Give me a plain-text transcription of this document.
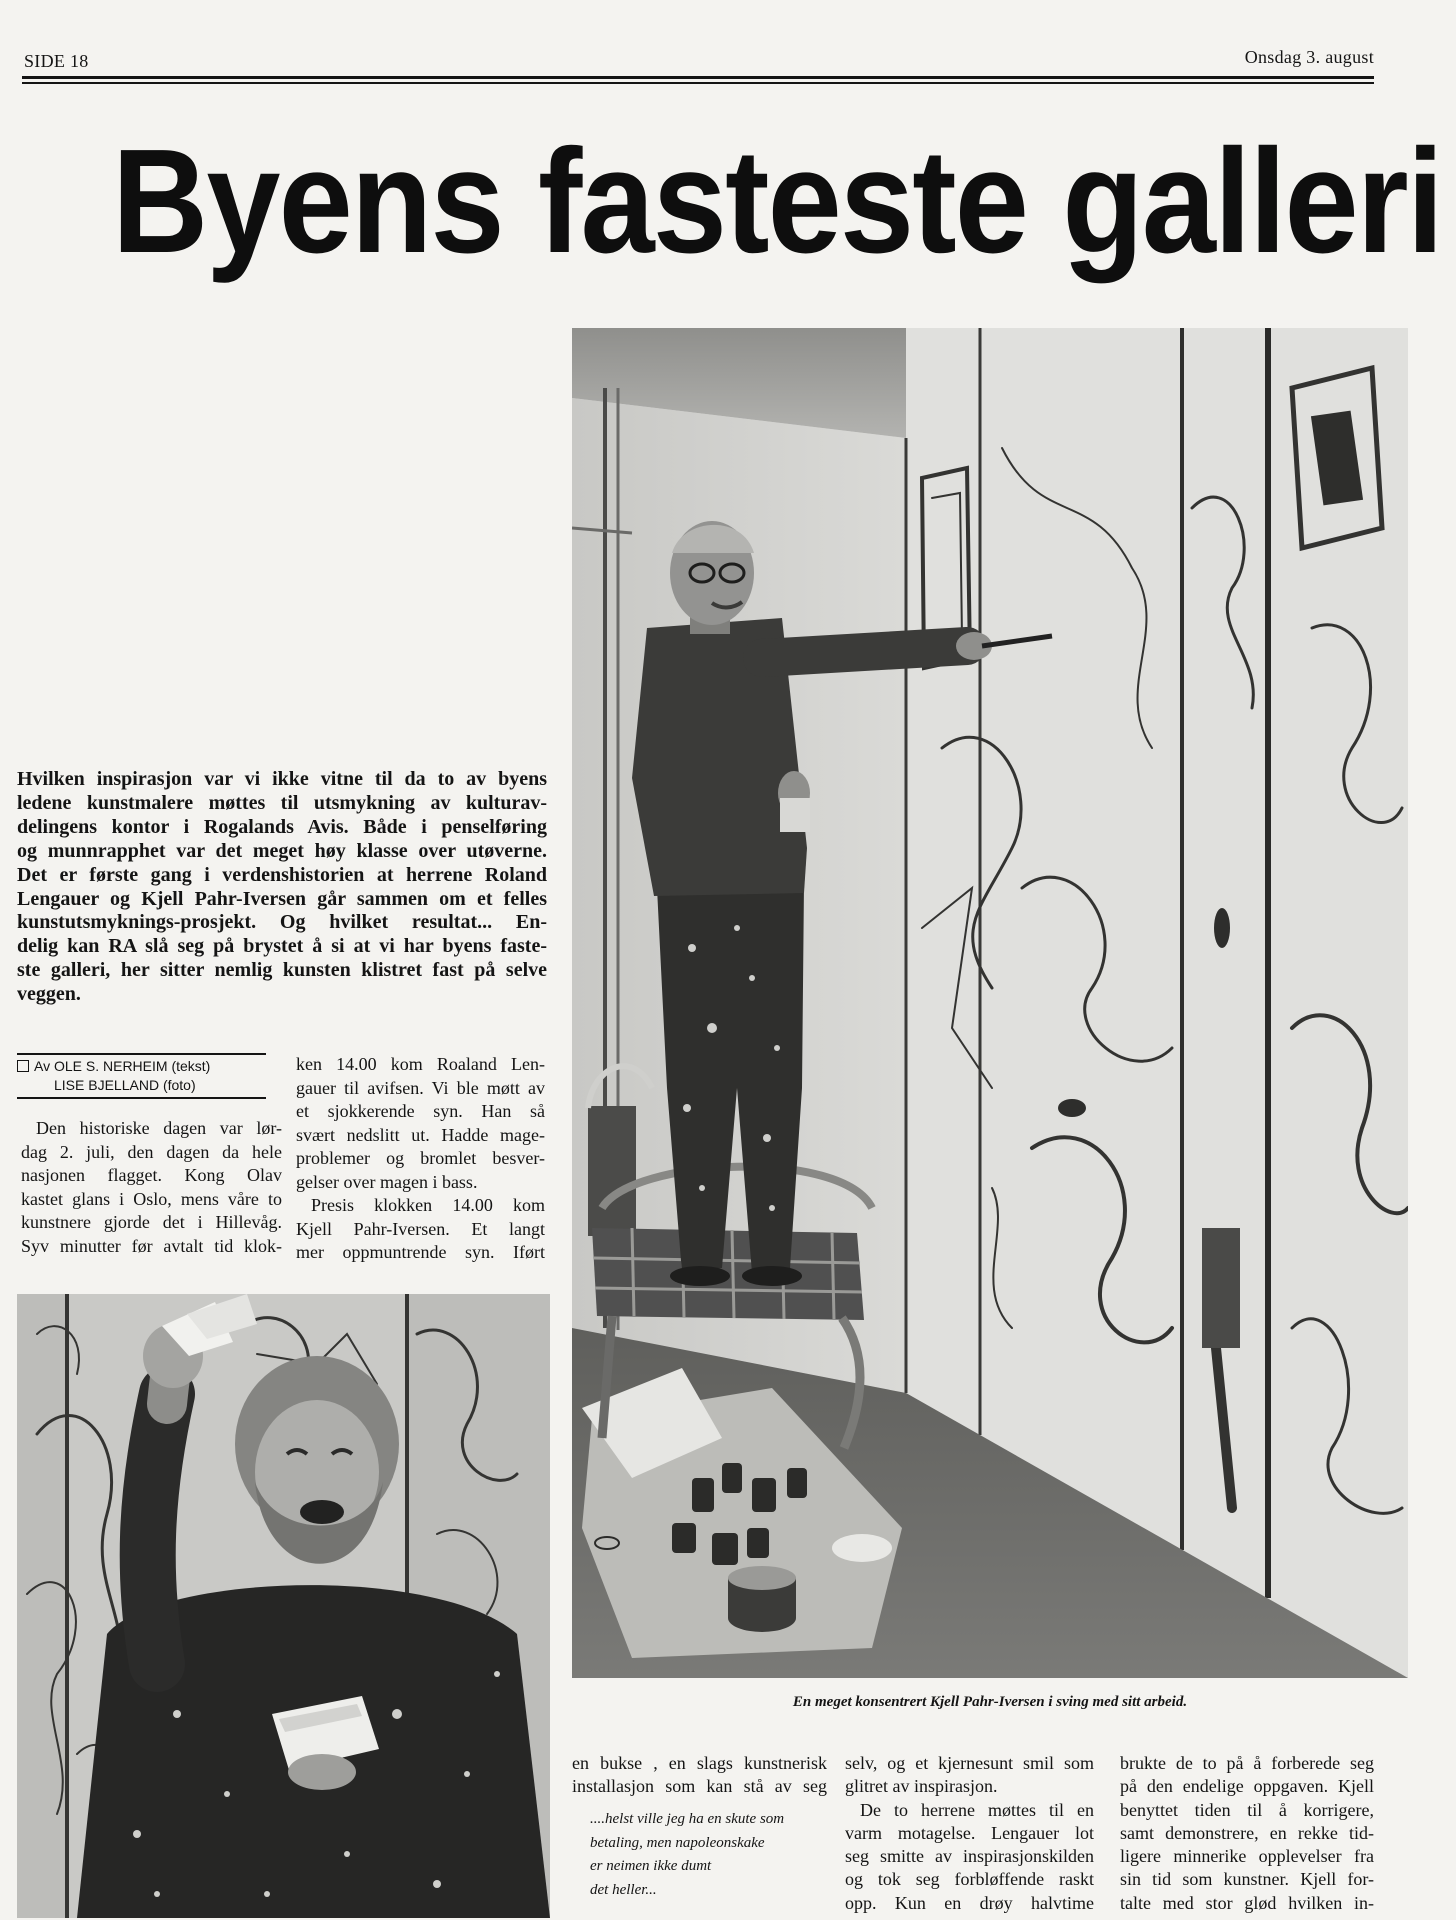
SIDE 18	Onsdag 3. august
Byens fasteste galleri
En meget konsentrert Kjell Pahr-Iversen i sving med sitt arbeid.
Hvilken inspirasjon var vi ikke vitne til da to av byens
ledene kunstmalere møttes til utsmykning av kulturav-
delingens kontor i Rogalands Avis. Både i penselføring
og munnrapphet var det meget høy klasse over utøverne.
Det er første gang i verdenshistorien at herrene Roland
Lengauer og Kjell Pahr-Iversen går sammen om et felles
kunstutsmyknings-prosjekt. Og hvilket resultat... En-
delig kan RA slå seg på brystet å si at vi har byens faste-
ste galleri, her sitter nemlig kunsten klistret fast på selve
veggen.
Av OLE S. NERHEIM (tekst)
LISE BJELLAND (foto)
Den historiske dagen var lør-
dag 2. juli, den dagen da hele
nasjonen flagget. Kong Olav
kastet glans i Oslo, mens våre to
kunstnere gjorde det i Hillevåg.
Syv minutter før avtalt tid klok-
ken 14.00 kom Roaland Len-
gauer til avifsen. Vi ble møtt av
et sjokkerende syn. Han så
svært nedslitt ut. Hadde mage-
problemer og bromlet besver-
gelser over magen i bass.
Presis klokken 14.00 kom
Kjell Pahr-Iversen. Et langt
mer oppmuntrende syn. Iført
en bukse , en slags kunstnerisk
installasjon som kan stå av seg
....helst ville jeg ha en skute som
betaling, men napoleonskake
er neimen ikke dumt
det heller...
selv, og et kjernesunt smil som
glitret av inspirasjon.
De to herrene møttes til en
varm motagelse. Lengauer lot
seg smitte av inspirasjonskilden
og tok seg forbløffende raskt
opp. Kun en drøy halvtime
brukte de to på å forberede seg
på den endelige oppgaven. Kjell
benyttet tiden til å korrigere,
samt demonstrere, en rekke tid-
ligere minnerike opplevelser fra
sin tid som kunstner. Kjell for-
talte med stor glød hvilken in-
